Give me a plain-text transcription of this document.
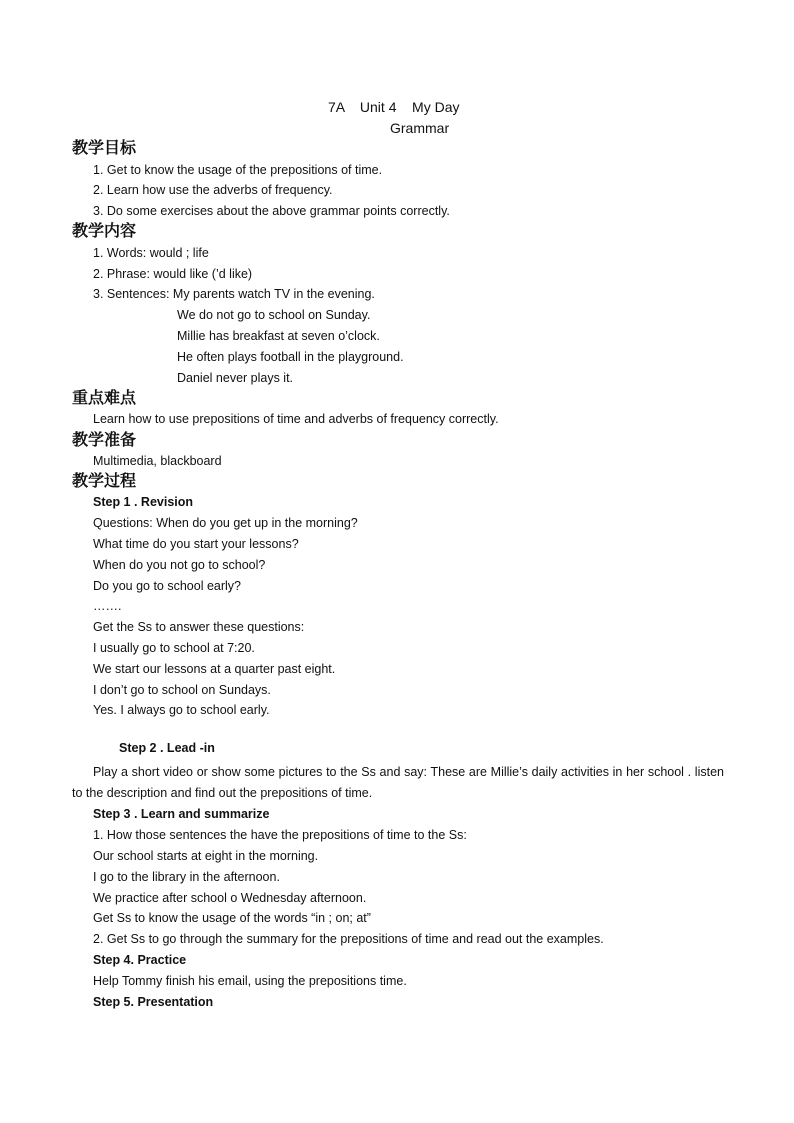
7A    Unit 4    My Day
Grammar
教学目标
1. Get to know the usage of the prepositions of time.
2. Learn how use the adverbs of frequency.
3. Do some exercises about the above grammar points correctly.
教学内容
1. Words: would ; life
2. Phrase: would like (’d like)
3. Sentences: My parents watch TV in the evening.
We do not go to school on Sunday.
Millie has breakfast at seven o’clock.
He often plays football in the playground.
Daniel never plays it.
重点难点
Learn how to use prepositions of time and adverbs of frequency correctly.
教学准备
Multimedia, blackboard
教学过程
Step 1 . Revision
Questions: When do you get up in the morning?
What time do you start your lessons?
When do you not go to school?
Do you go to school early?
…….
Get the Ss to answer these questions:
I usually go to school at 7:20.
We start our lessons at a quarter past eight.
I don’t go to school on Sundays.
Yes. I always go to school early.
Step 2 . Lead -in
Play a short video or show some pictures to the Ss and say: These are Millie’s daily activities in her school . listen to the description and find out the prepositions of time.
Step 3 . Learn and summarize
1. How those sentences the have the prepositions of time to the Ss:
Our school starts at eight in the morning.
I go to the library in the afternoon.
We practice after school o Wednesday afternoon.
Get Ss to know the usage of the words “in ; on; at”
2. Get Ss to go through the summary for the prepositions of time and read out the examples.
Step 4. Practice
Help Tommy finish his email, using the prepositions time.
Step 5. Presentation
